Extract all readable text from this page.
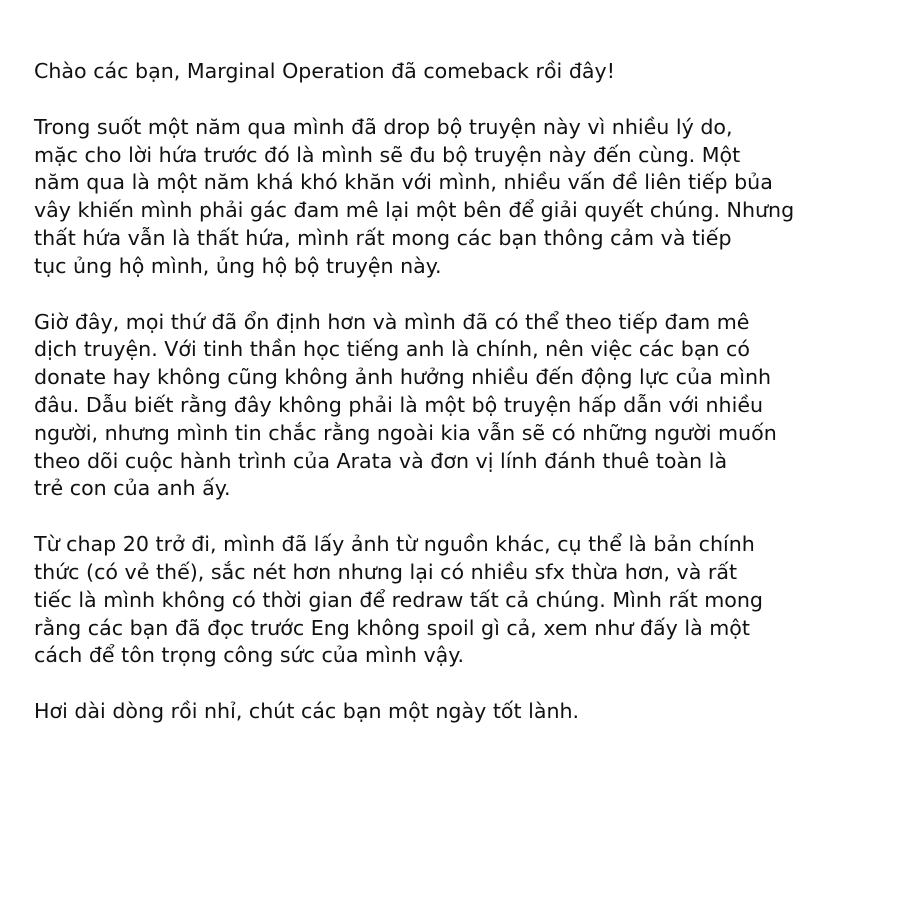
Chào các bạn, Marginal Operation đã comeback rồi đây!

Trong suốt một năm qua mình đã drop bộ truyện này vì nhiều lý do,
mặc cho lời hứa trước đó là mình sẽ đu bộ truyện này đến cùng. Một
năm qua là một năm khá khó khăn với mình, nhiều vấn đề liên tiếp bủa
vây khiến mình phải gác đam mê lại một bên để giải quyết chúng. Nhưng
thất hứa vẫn là thất hứa, mình rất mong các bạn thông cảm và tiếp
tục ủng hộ mình, ủng hộ bộ truyện này.
Giờ đây, mọi thứ đã ổn định hơn và mình đã có thể theo tiếp đam mê
dịch truyện. Với tinh thần học tiếng anh là chính, nên việc các bạn có
donate hay không cũng không ảnh hưởng nhiều đến động lực của mình
đâu. Dẫu biết rằng đây không phải là một bộ truyện hấp dẫn với nhiều
người, nhưng mình tin chắc rằng ngoài kia vẫn sẽ có những người muốn
theo dõi cuộc hành trình của Arata và đơn vị lính đánh thuê toàn là
trẻ con của anh ấy.
Từ chap 20 trở đi, mình đã lấy ảnh từ nguồn khác, cụ thể là bản chính
thức (có vẻ thế), sắc nét hơn nhưng lại có nhiều sfx thừa hơn, và rất
tiếc là mình không có thời gian để redraw tất cả chúng. Mình rất mong
rằng các bạn đã đọc trước Eng không spoil gì cả, xem như đấy là một
cách để tôn trọng công sức của mình vậy.

Hơi dài dòng rồi nhỉ, chút các bạn một ngày tốt lành.
